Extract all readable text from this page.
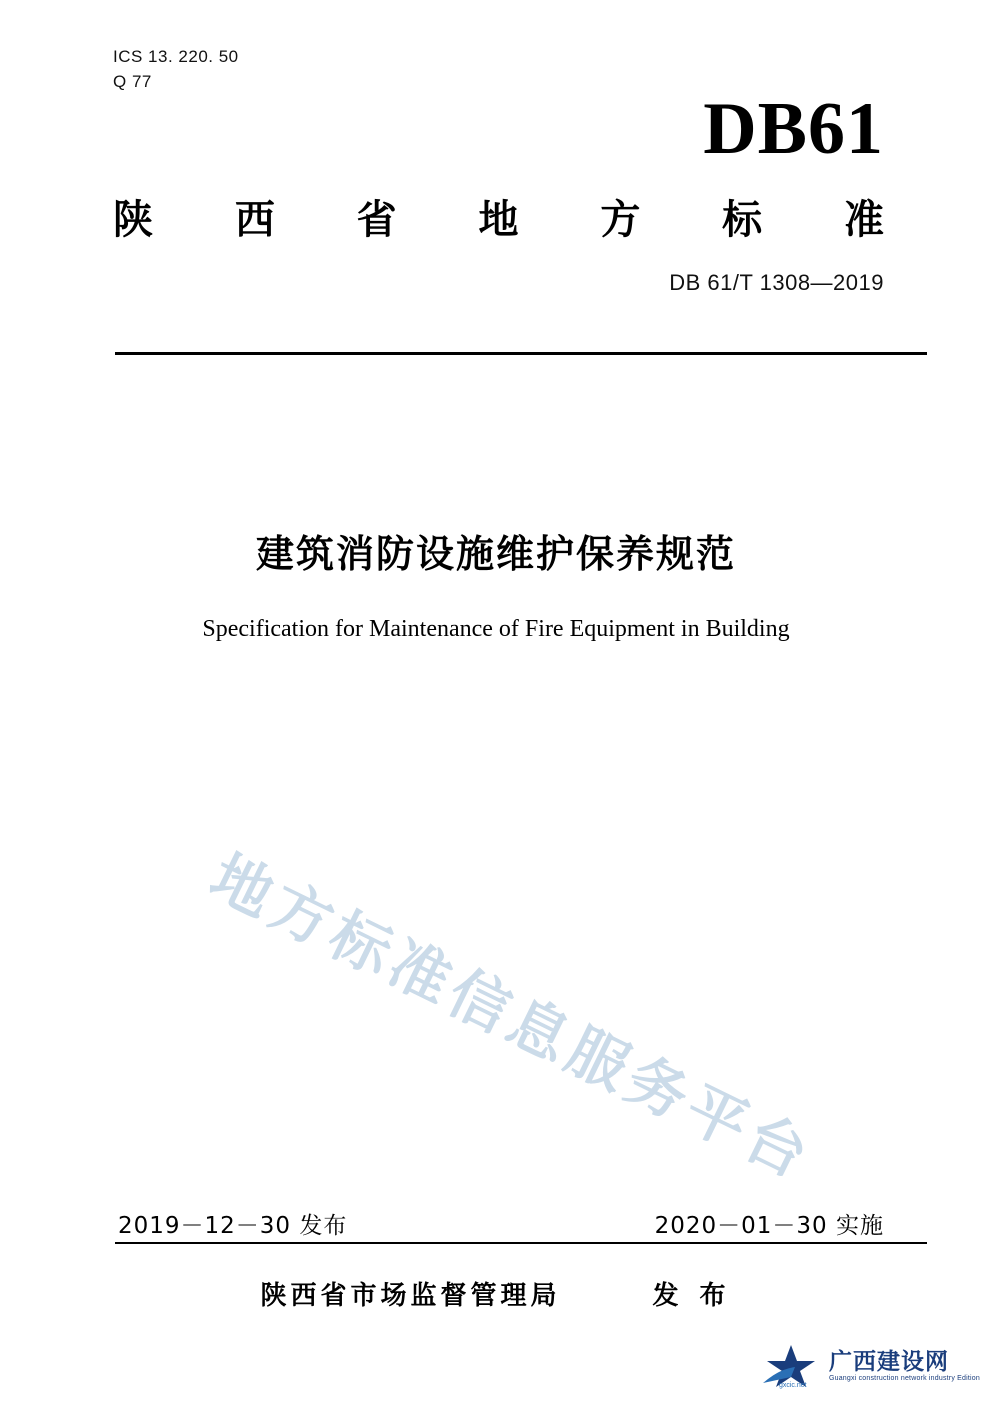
ICS 13. 220. 50
Q 77
DB61
陕 西 省 地 方 标 准
DB 61/T 1308—2019
建筑消防设施维护保养规范
Specification for Maintenance of Fire Equipment in Building
地方标准信息服务平台
2019－12－30 发布	2020－01－30 实施
陕西省市场监督管理局	发 布
gxcic.net
广西建设网
Guangxi construction network industry Edition
